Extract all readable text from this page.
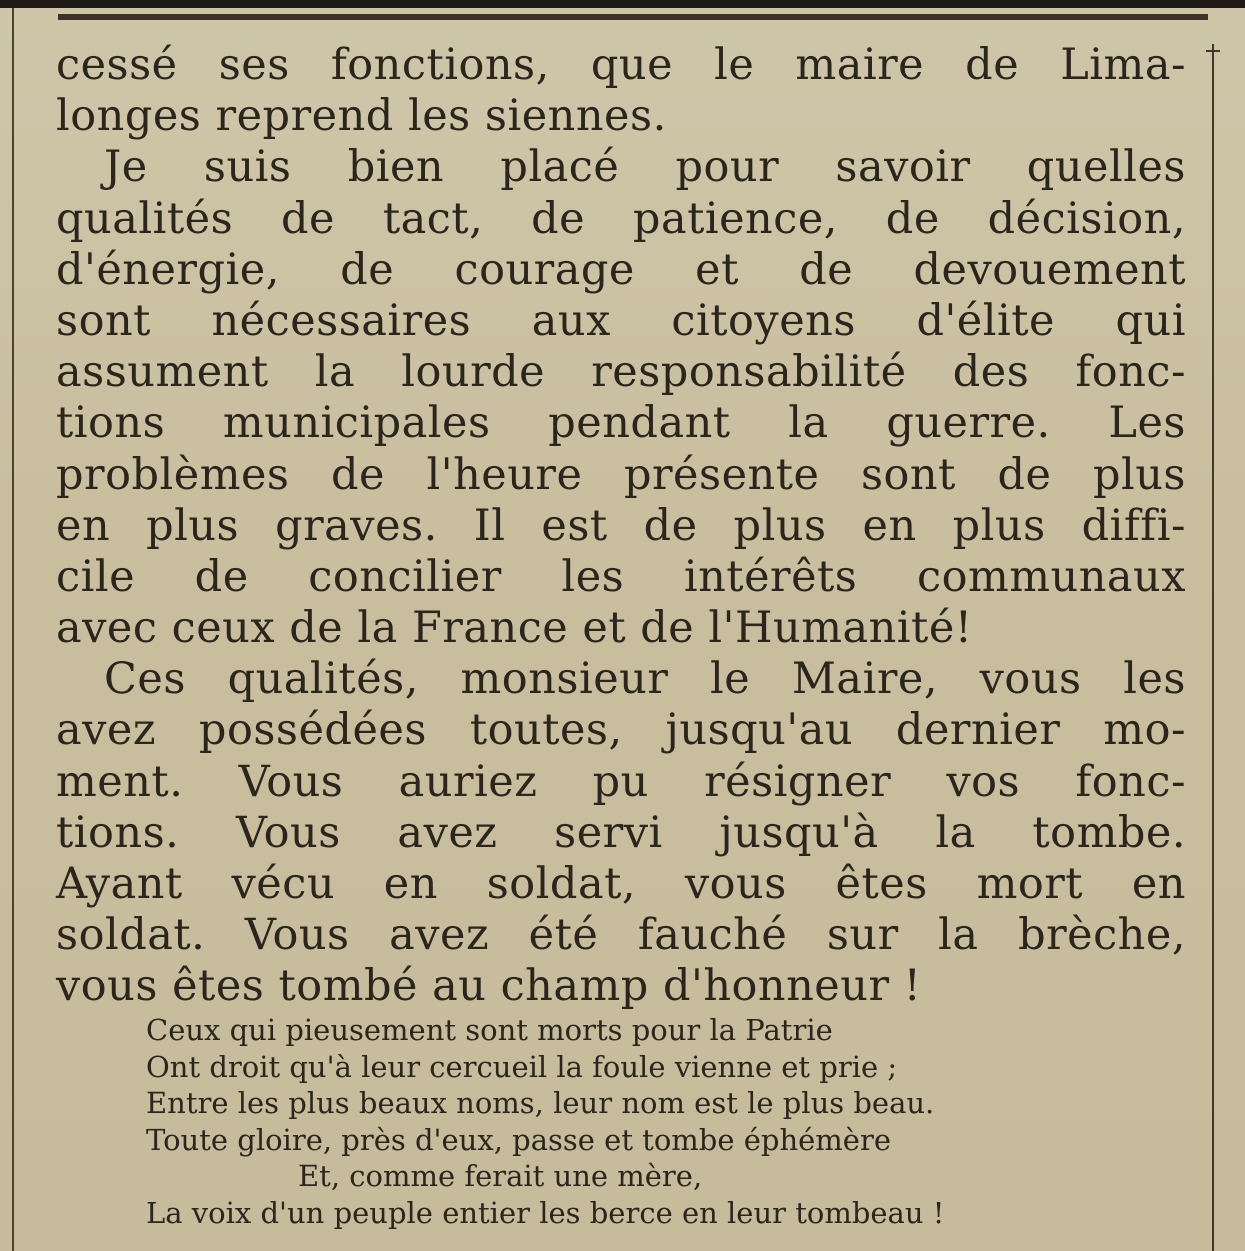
cessé ses fonctions, que le maire de Lima-
longes reprend les siennes.
Je suis bien placé pour savoir quelles
qualités de tact, de patience, de décision,
d'énergie, de courage et de devouement
sont nécessaires aux citoyens d'élite qui
assument la lourde responsabilité des fonc-
tions municipales pendant la guerre. Les
problèmes de l'heure présente sont de plus
en plus graves. Il est de plus en plus diffi-
cile de concilier les intérêts communaux
avec ceux de la France et de l'Humanité!
Ces qualités, monsieur le Maire, vous les
avez possédées toutes, jusqu'au dernier mo-
ment. Vous auriez pu résigner vos fonc-
tions. Vous avez servi jusqu'à la tombe.
Ayant vécu en soldat, vous êtes mort en
soldat. Vous avez été fauché sur la brèche,
vous êtes tombé au champ d'honneur !
Ceux qui pieusement sont morts pour la Patrie
Ont droit qu'à leur cercueil la foule vienne et prie ;
Entre les plus beaux noms, leur nom est le plus beau.
Toute gloire, près d'eux, passe et tombe éphémère
Et, comme ferait une mère,
La voix d'un peuple entier les berce en leur tombeau !
